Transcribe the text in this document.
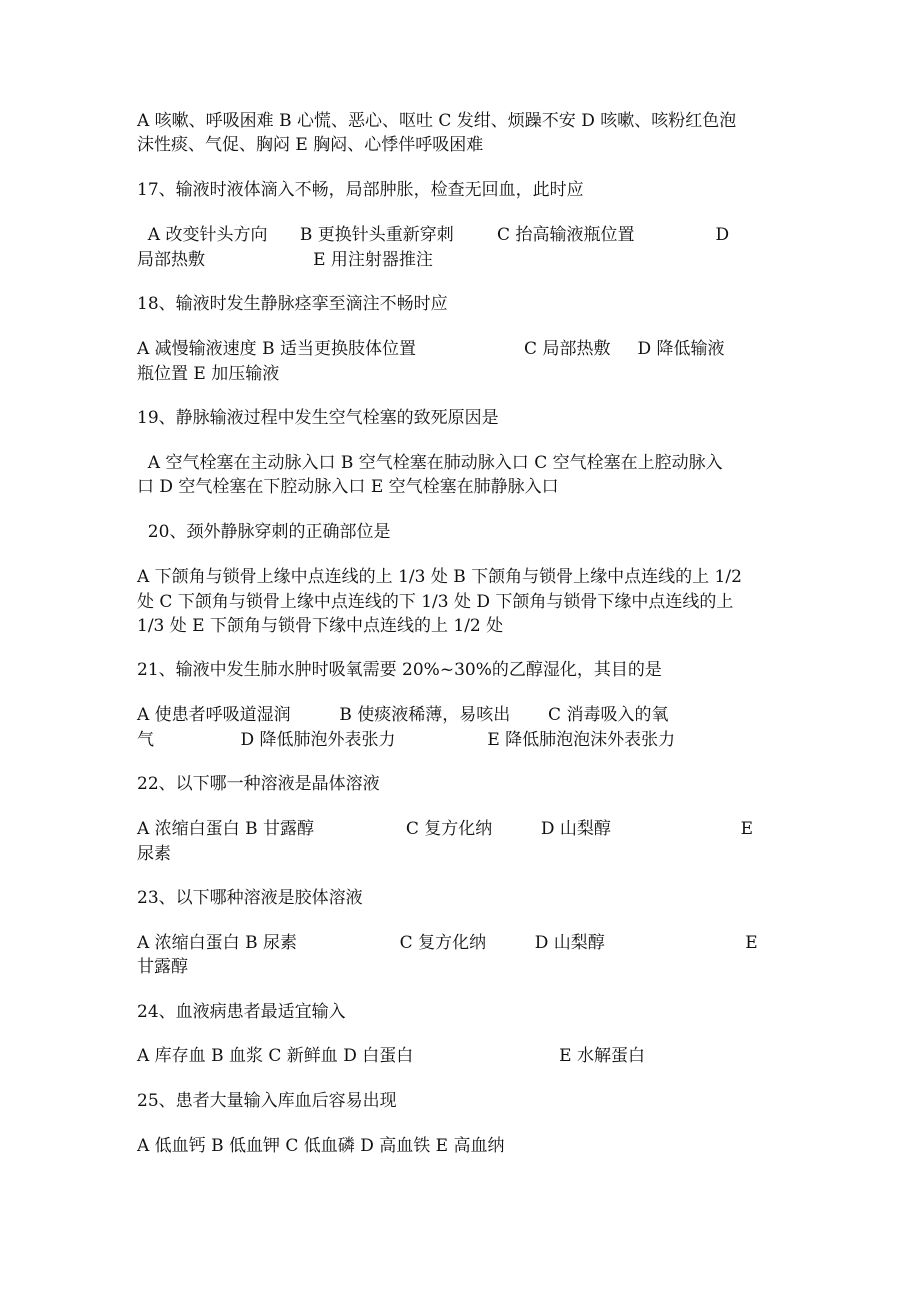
A 咳嗽、呼吸困难 B 心慌、恶心、呕吐 C 发绀、烦躁不安 D 咳嗽、咳粉红色泡
沫性痰、气促、胸闷 E 胸闷、心悸伴呼吸困难
17、输液时液体滴入不畅，局部肿胀，检查无回血，此时应
A 改变针头方向      B 更换针头重新穿刺        C 抬高输液瓶位置               D
局部热敷                    E 用注射器推注
18、输液时发生静脉痉挛至滴注不畅时应
A 减慢输液速度 B 适当更换肢体位置                    C 局部热敷     D 降低输液
瓶位置 E 加压输液
19、静脉输液过程中发生空气栓塞的致死原因是
A 空气栓塞在主动脉入口 B 空气栓塞在肺动脉入口 C 空气栓塞在上腔动脉入
口 D 空气栓塞在下腔动脉入口 E 空气栓塞在肺静脉入口
20、颈外静脉穿刺的正确部位是
A 下颌角与锁骨上缘中点连线的上 1/3 处 B 下颌角与锁骨上缘中点连线的上 1/2
处 C 下颌角与锁骨上缘中点连线的下 1/3 处 D 下颌角与锁骨下缘中点连线的上
1/3 处 E 下颌角与锁骨下缘中点连线的上 1/2 处
21、输液中发生肺水肿时吸氧需要 20%~30%的乙醇湿化，其目的是
A 使患者呼吸道湿润         B 使痰液稀薄，易咳出       C 消毒吸入的氧
气                D 降低肺泡外表张力                 E 降低肺泡泡沫外表张力
22、以下哪一种溶液是晶体溶液
A 浓缩白蛋白 B 甘露醇                 C 复方化纳         D 山梨醇                        E
尿素
23、以下哪种溶液是胶体溶液
A 浓缩白蛋白 B 尿素                   C 复方化纳         D 山梨醇                          E
甘露醇
24、血液病患者最适宜输入
A 库存血 B 血浆 C 新鲜血 D 白蛋白                           E 水解蛋白
25、患者大量输入库血后容易出现
A 低血钙 B 低血钾 C 低血磷 D 高血铁 E 高血纳
